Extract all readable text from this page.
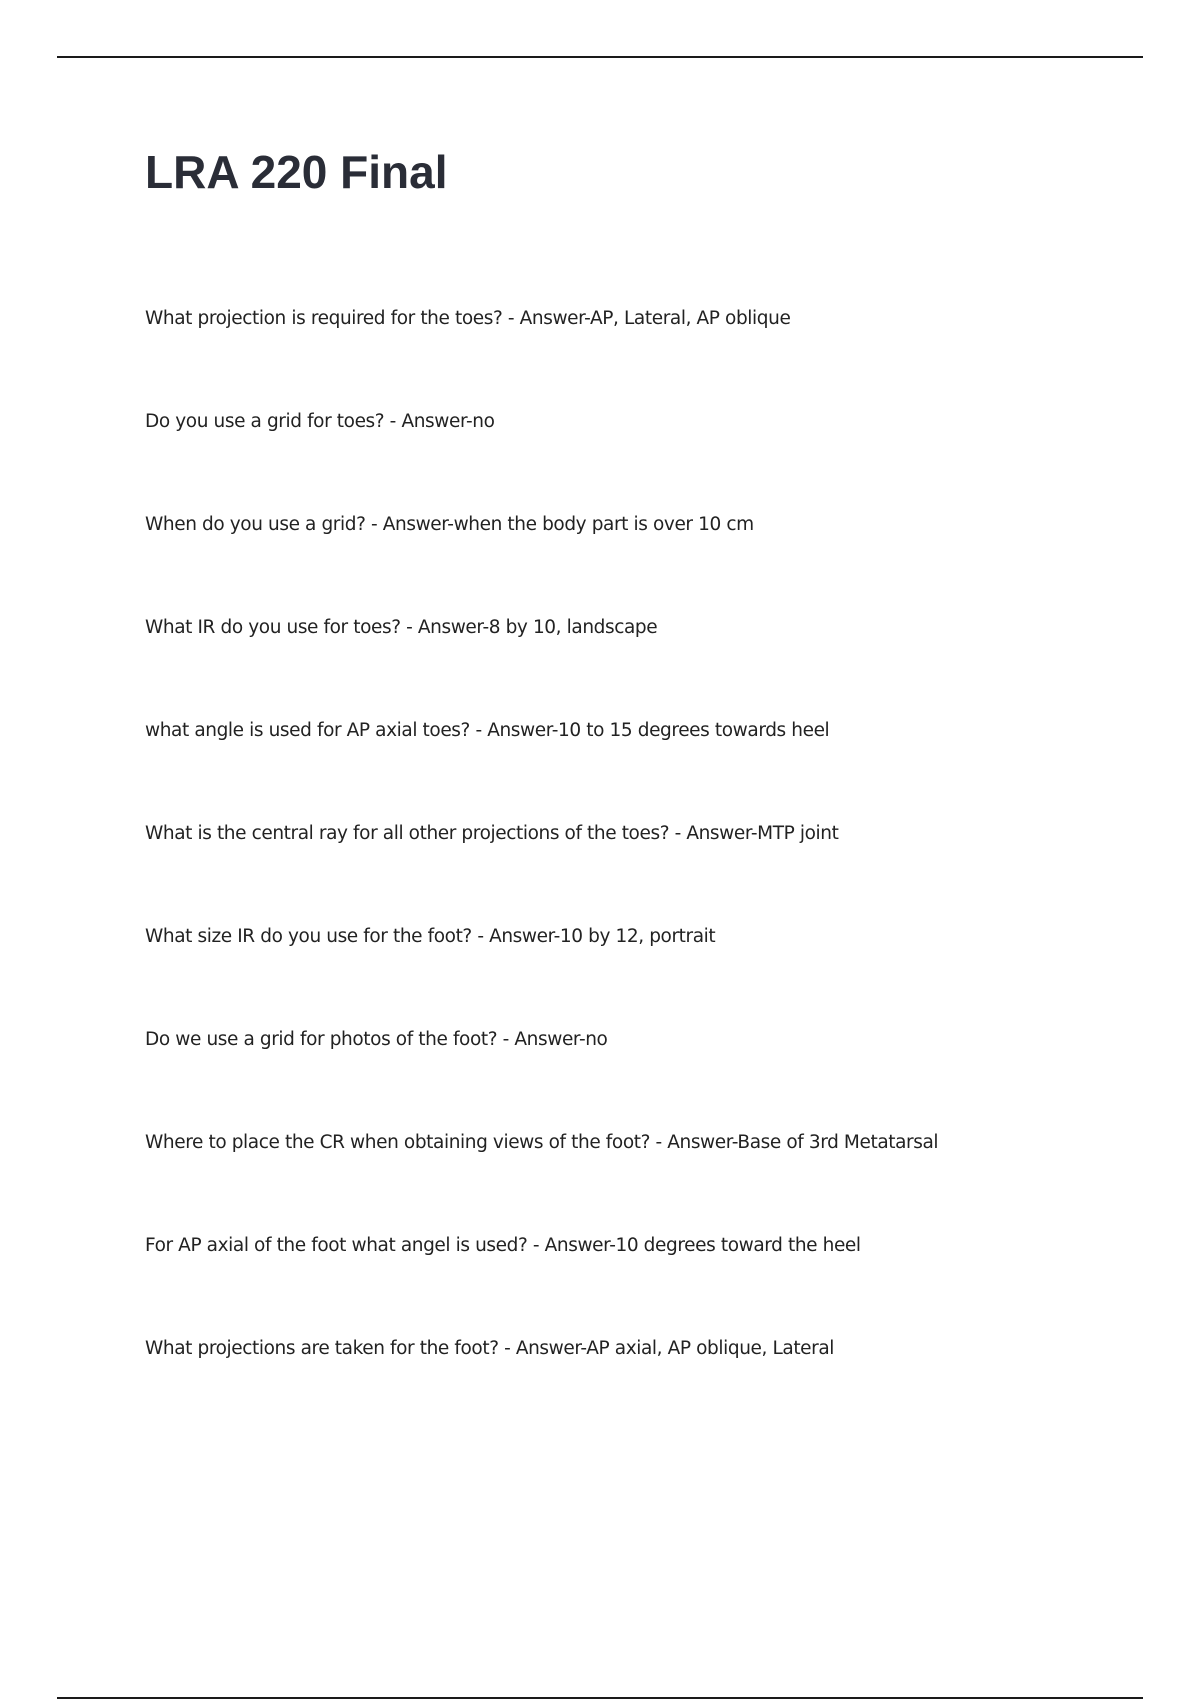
LRA 220 Final
What projection is required for the toes? - Answer-AP, Lateral, AP oblique
Do you use a grid for toes? - Answer-no
When do you use a grid? - Answer-when the body part is over 10 cm
What IR do you use for toes? - Answer-8 by 10, landscape
what angle is used for AP axial toes? - Answer-10 to 15 degrees towards heel
What is the central ray for all other projections of the toes? - Answer-MTP joint
What size IR do you use for the foot? - Answer-10 by 12, portrait
Do we use a grid for photos of the foot? - Answer-no
Where to place the CR when obtaining views of the foot? - Answer-Base of 3rd Metatarsal
For AP axial of the foot what angel is used? - Answer-10 degrees toward the heel
What projections are taken for the foot? - Answer-AP axial, AP oblique, Lateral
